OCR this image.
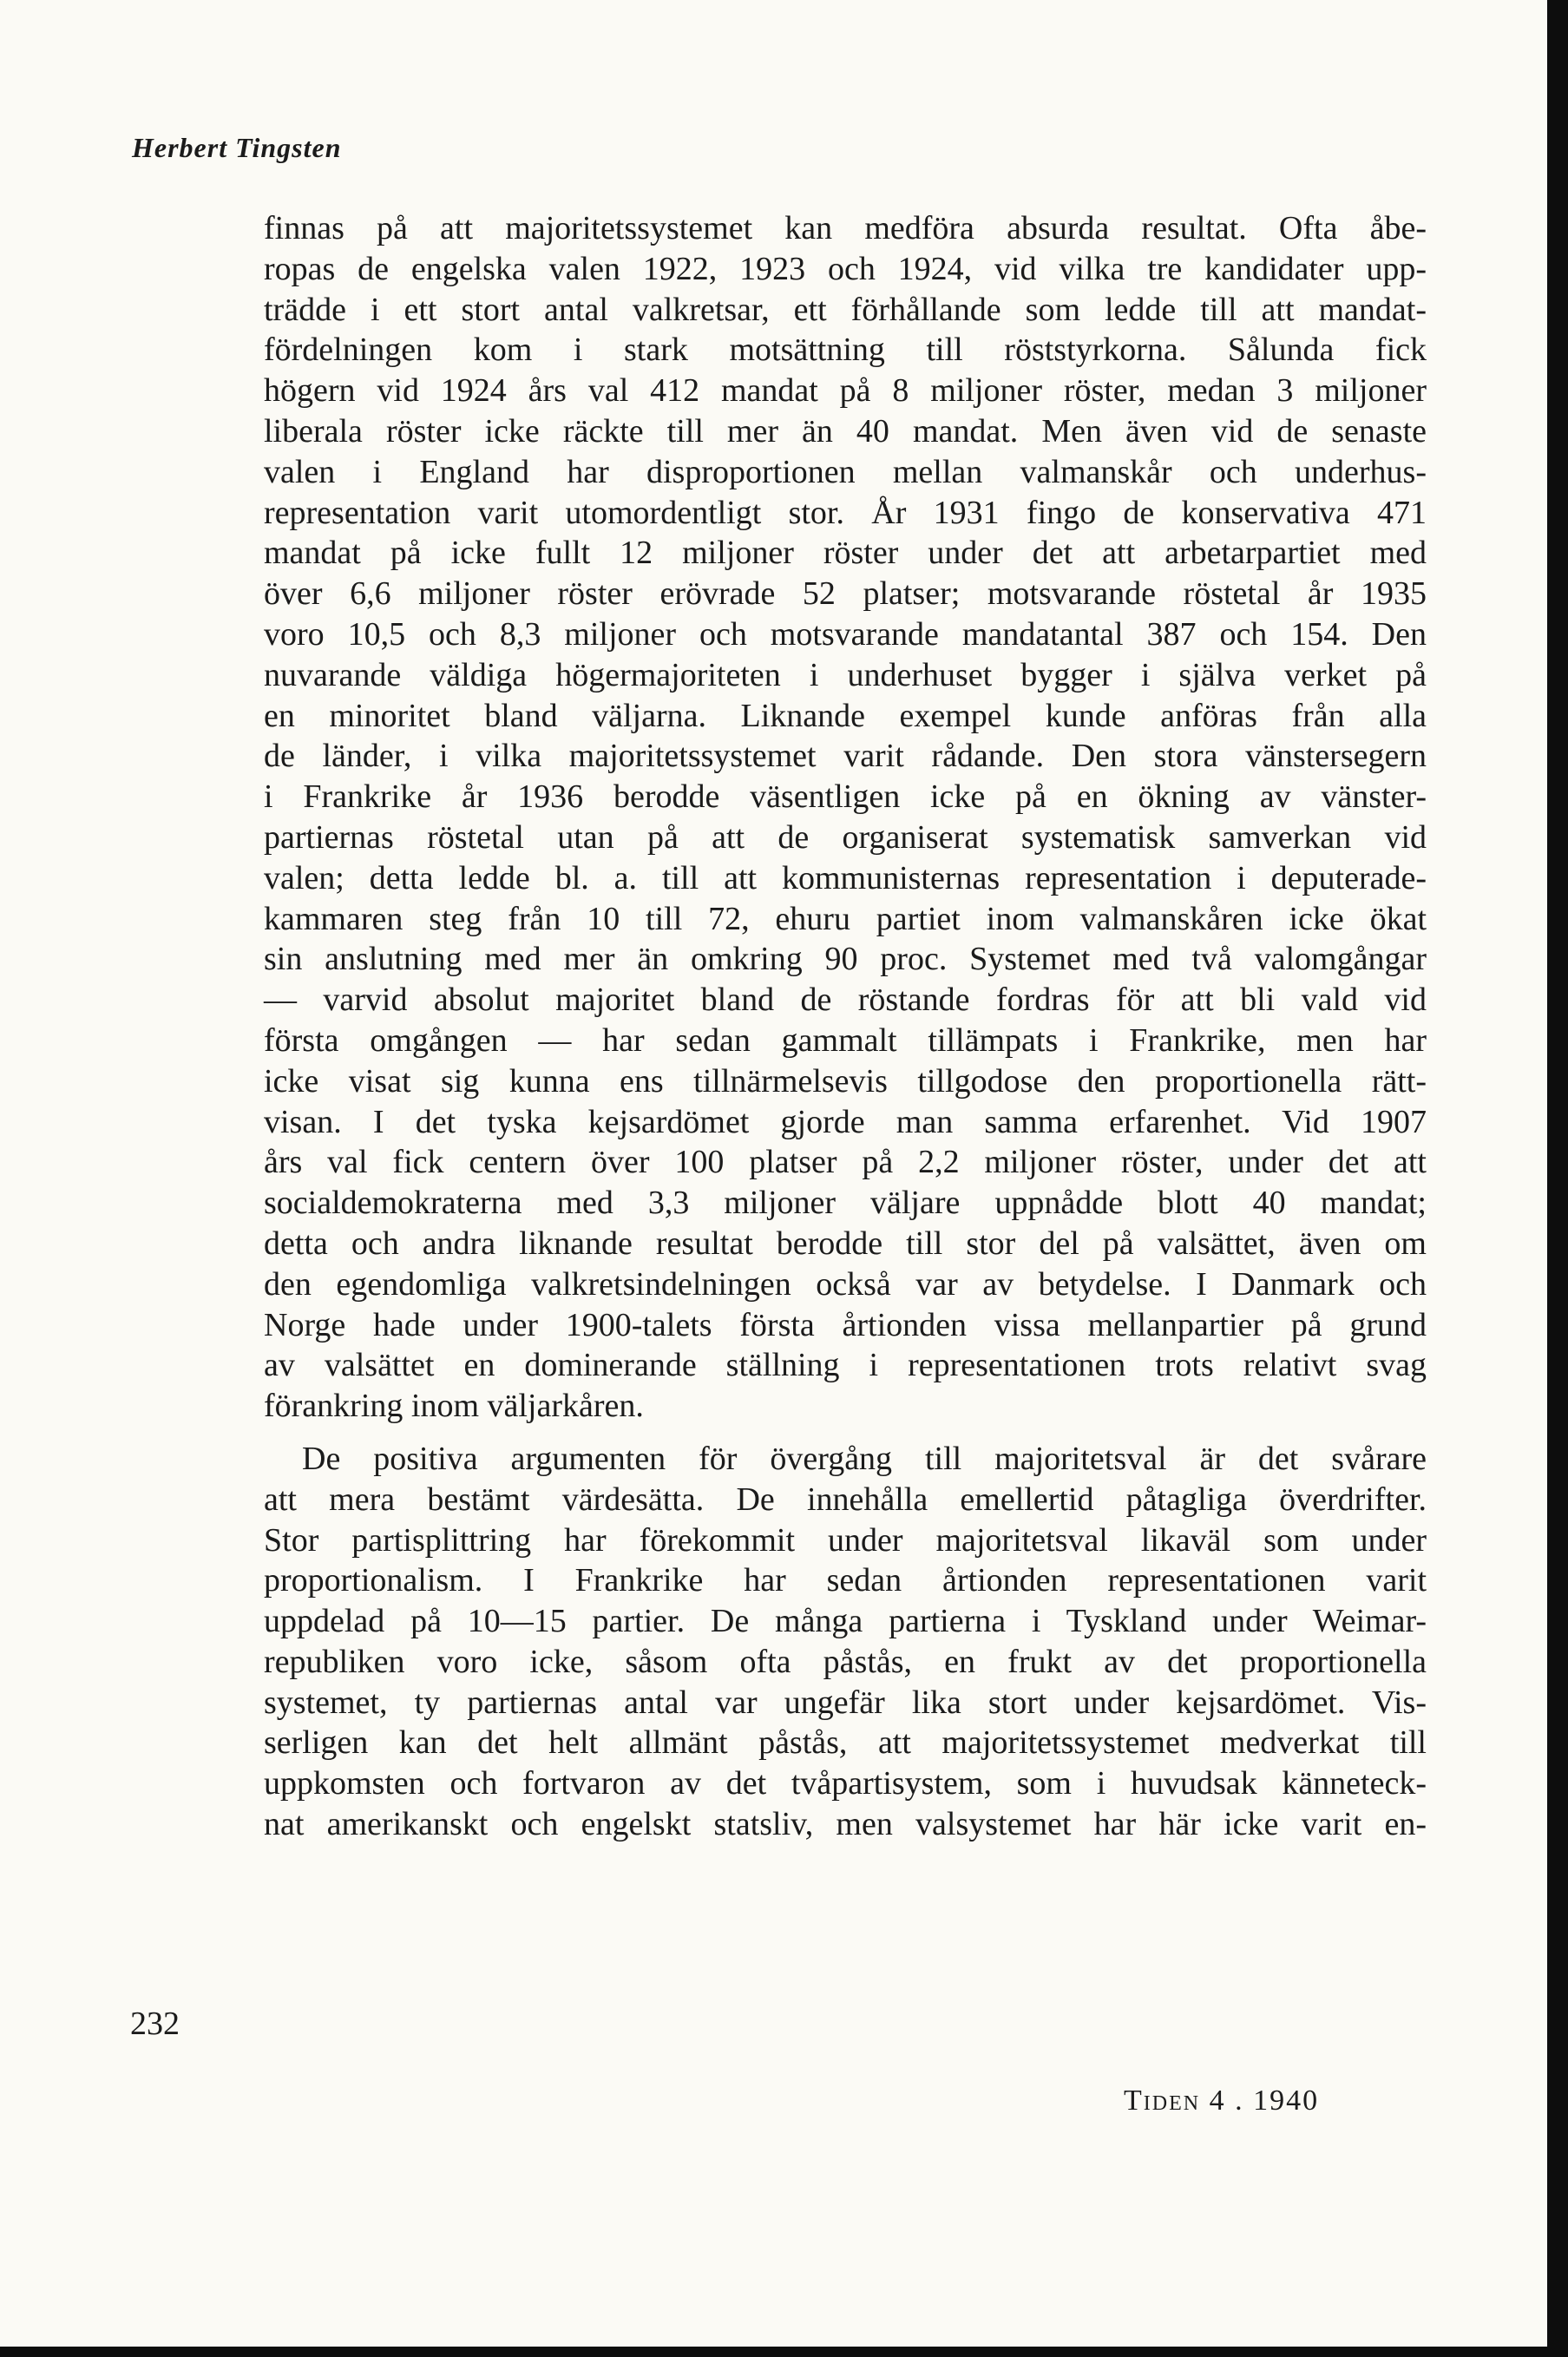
Herbert Tingsten

finnas på att majoritetssystemet kan medföra absurda resultat. Ofta åbe-
ropas de engelska valen 1922, 1923 och 1924, vid vilka tre kandidater upp-
trädde i ett stort antal valkretsar, ett förhållande som ledde till att mandat-
fördelningen kom i stark motsättning till röststyrkorna. Sålunda fick
högern vid 1924 års val 412 mandat på 8 miljoner röster, medan 3 miljoner
liberala röster icke räckte till mer än 40 mandat. Men även vid de senaste
valen i England har disproportionen mellan valmanskår och underhus-
representation varit utomordentligt stor. År 1931 fingo de konservativa 471
mandat på icke fullt 12 miljoner röster under det att arbetarpartiet med
över 6,6 miljoner röster erövrade 52 platser; motsvarande röstetal år 1935
voro 10,5 och 8,3 miljoner och motsvarande mandatantal 387 och 154. Den
nuvarande väldiga högermajoriteten i underhuset bygger i själva verket på
en minoritet bland väljarna. Liknande exempel kunde anföras från alla
de länder, i vilka majoritetssystemet varit rådande. Den stora vänstersegern
i Frankrike år 1936 berodde väsentligen icke på en ökning av vänster-
partiernas röstetal utan på att de organiserat systematisk samverkan vid
valen; detta ledde bl. a. till att kommunisternas representation i deputerade-
kammaren steg från 10 till 72, ehuru partiet inom valmanskåren icke ökat
sin anslutning med mer än omkring 90 proc. Systemet med två valomgångar
— varvid absolut majoritet bland de röstande fordras för att bli vald vid
första omgången — har sedan gammalt tillämpats i Frankrike, men har
icke visat sig kunna ens tillnärmelsevis tillgodose den proportionella rätt-
visan. I det tyska kejsardömet gjorde man samma erfarenhet. Vid 1907
års val fick centern över 100 platser på 2,2 miljoner röster, under det att
socialdemokraterna med 3,3 miljoner väljare uppnådde blott 40 mandat;
detta och andra liknande resultat berodde till stor del på valsättet, även om
den egendomliga valkretsindelningen också var av betydelse. I Danmark och
Norge hade under 1900-talets första årtionden vissa mellanpartier på grund
av valsättet en dominerande ställning i representationen trots relativt svag
förankring inom väljarkåren.

De positiva argumenten för övergång till majoritetsval är det svårare
att mera bestämt värdesätta. De innehålla emellertid påtagliga överdrifter.
Stor partisplittring har förekommit under majoritetsval likaväl som under
proportionalism. I Frankrike har sedan årtionden representationen varit
uppdelad på 10—15 partier. De många partierna i Tyskland under Weimar-
republiken voro icke, såsom ofta påstås, en frukt av det proportionella
systemet, ty partiernas antal var ungefär lika stort under kejsardömet. Vis-
serligen kan det helt allmänt påstås, att majoritetssystemet medverkat till
uppkomsten och fortvaron av det tvåpartisystem, som i huvudsak känneteck-
nat amerikanskt och engelskt statsliv, men valsystemet har här icke varit en-

232

Tiden 4 . 1940
